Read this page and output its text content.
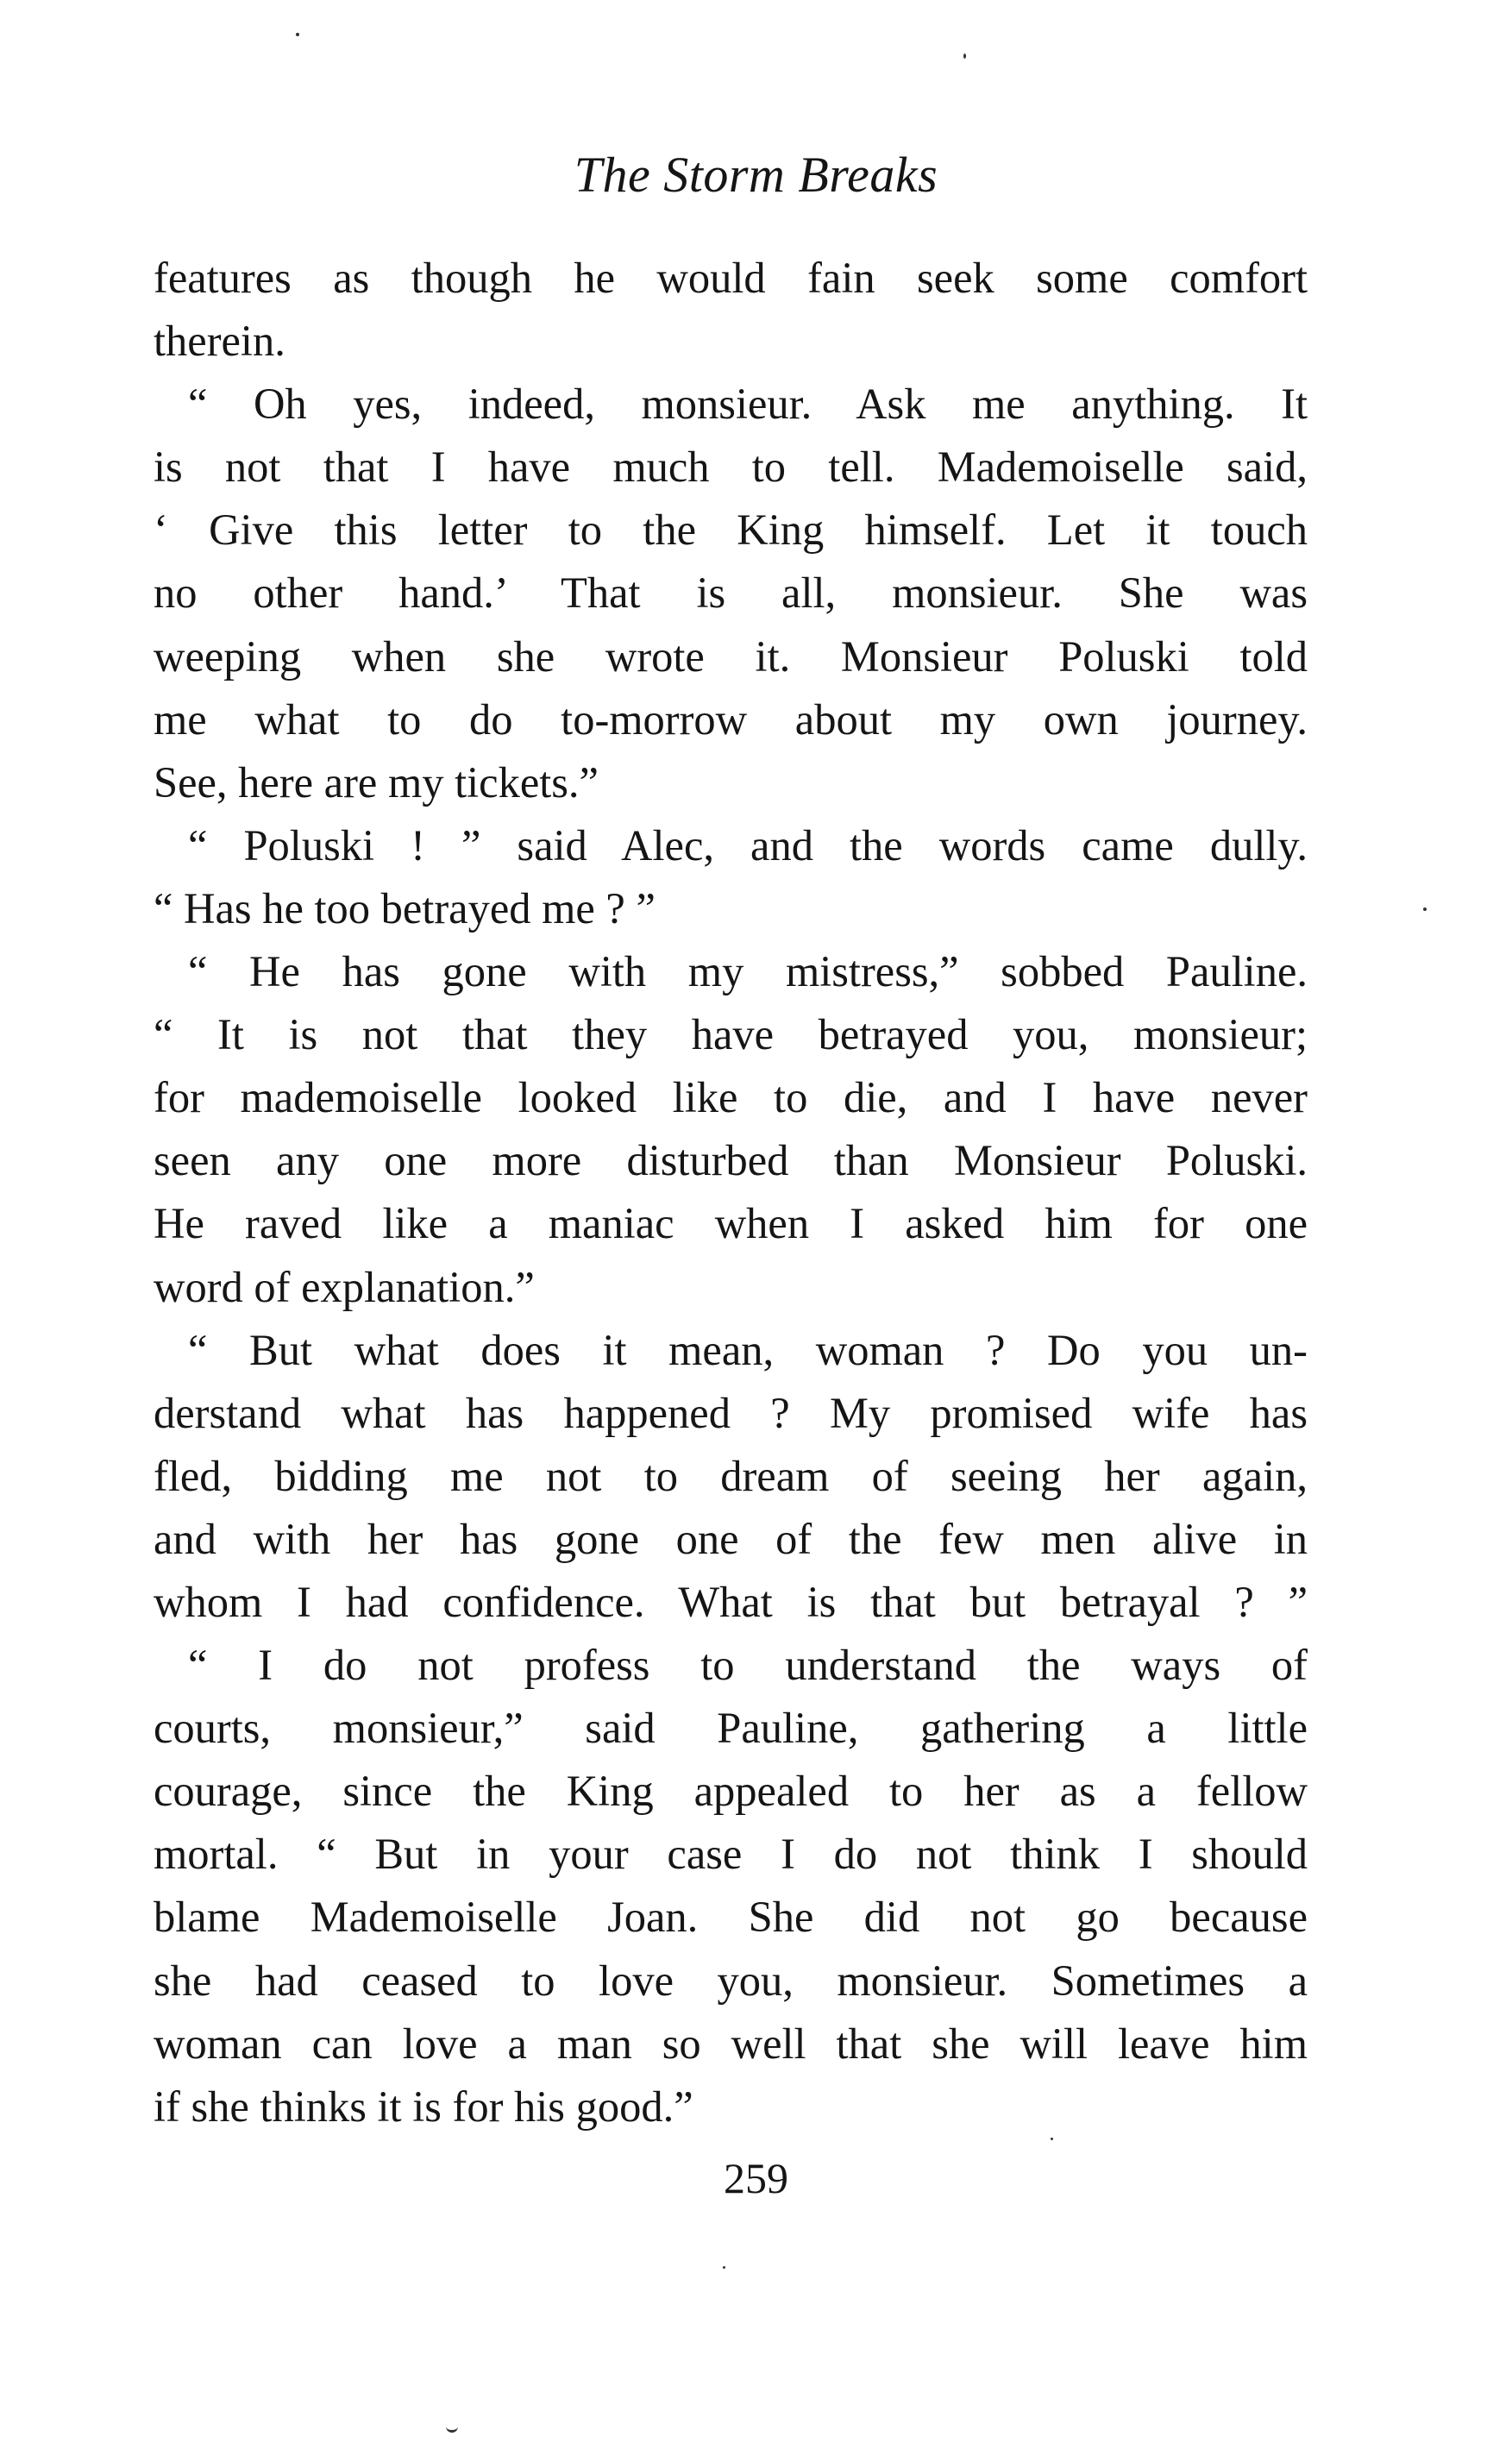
The Storm Breaks
features as though he would fain seek some comfort
therein.
“ Oh yes, indeed, monsieur. Ask me anything. It
is not that I have much to tell. Mademoiselle said,
‘ Give this letter to the King himself. Let it touch
no other hand.’ That is all, monsieur. She was
weeping when she wrote it. Monsieur Poluski told
me what to do to-morrow about my own journey.
See, here are my tickets.”
“ Poluski ! ” said Alec, and the words came dully.
“ Has he too betrayed me ? ”
“ He has gone with my mistress,” sobbed Pauline.
“ It is not that they have betrayed you, monsieur;
for mademoiselle looked like to die, and I have never
seen any one more disturbed than Monsieur Poluski.
He raved like a maniac when I asked him for one
word of explanation.”
“ But what does it mean, woman ? Do you un-
derstand what has happened ? My promised wife has
fled, bidding me not to dream of seeing her again,
and with her has gone one of the few men alive in
whom I had confidence. What is that but betrayal ? ”
“ I do not profess to understand the ways of
courts, monsieur,” said Pauline, gathering a little
courage, since the King appealed to her as a fellow
mortal. “ But in your case I do not think I should
blame Mademoiselle Joan. She did not go because
she had ceased to love you, monsieur. Sometimes a
woman can love a man so well that she will leave him
if she thinks it is for his good.”
259
